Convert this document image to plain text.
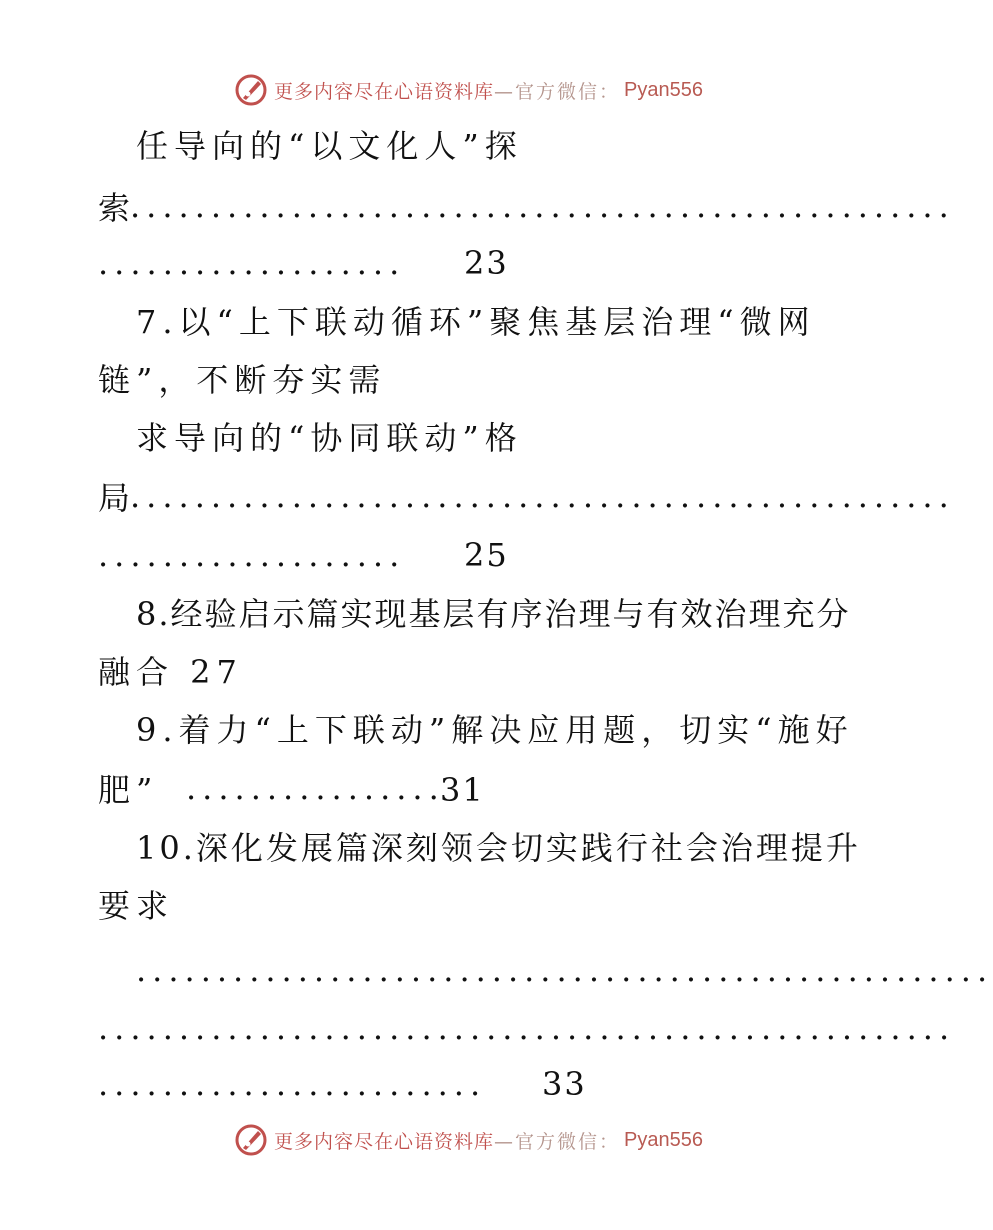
更多内容尽在心语资料库 —官方微信： Pyan556
任导向的“以文化人”探
索
...................................................
...................	23
7.以“上下联动循环”聚焦基层治理“微网
链”，不断夯实需
求导向的“协同联动”格
局
...................................................
...................	25
8.经验启示篇实现基层有序治理与有效治理充分
融合 27
9.着力“上下联动”解决应用题，切实“施好
肥” ................
31
10.深化发展篇深刻领会切实践行社会治理提升
要求
.....................................................
.....................................................
........................	33
更多内容尽在心语资料库 —官方微信： Pyan556
